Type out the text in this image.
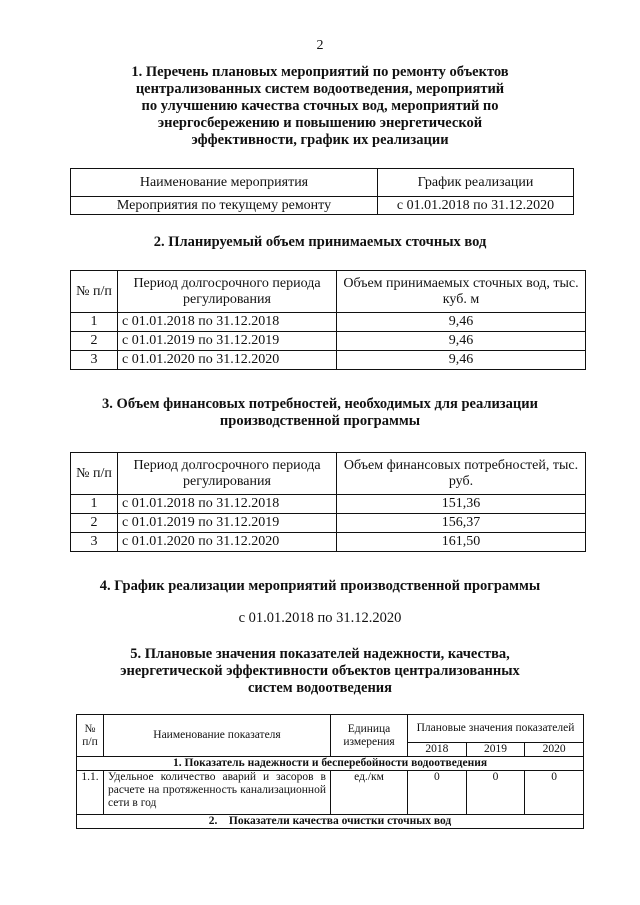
2
1. Перечень плановых мероприятий по ремонту объектов
централизованных систем водоотведения, мероприятий
по улучшению качества сточных вод, мероприятий по
энергосбережению и повышению энергетической
эффективности, график их реализации
Наименование мероприятия	График реализации
Мероприятия по текущему ремонту	с 01.01.2018 по 31.12.2020
2. Планируемый объем принимаемых сточных вод
№ п/п	Период долгосрочного периода регулирования	Объем принимаемых сточных вод, тыс. куб. м
1	с 01.01.2018 по 31.12.2018	9,46
2	с 01.01.2019 по 31.12.2019	9,46
3	с 01.01.2020 по 31.12.2020	9,46
3. Объем финансовых потребностей, необходимых для реализации
производственной программы
№ п/п	Период долгосрочного периода регулирования	Объем финансовых потребностей, тыс. руб.
1	с 01.01.2018 по 31.12.2018	151,36
2	с 01.01.2019 по 31.12.2019	156,37
3	с 01.01.2020 по 31.12.2020	161,50
4. График реализации мероприятий производственной программы
с 01.01.2018 по 31.12.2020
5. Плановые значения показателей надежности, качества,
энергетической эффективности объектов централизованных
систем водоотведения
№ п/п	Наименование показателя	Единица измерения	Плановые значения показателей		
			2018	2019	2020
1. Показатель надежности и бесперебойности водоотведения					
1.1.	Удельное количество аварий и засоров в расчете на протяженность канализационной сети в год	ед./км	0	0	0
2.    Показатели качества очистки сточных вод					
